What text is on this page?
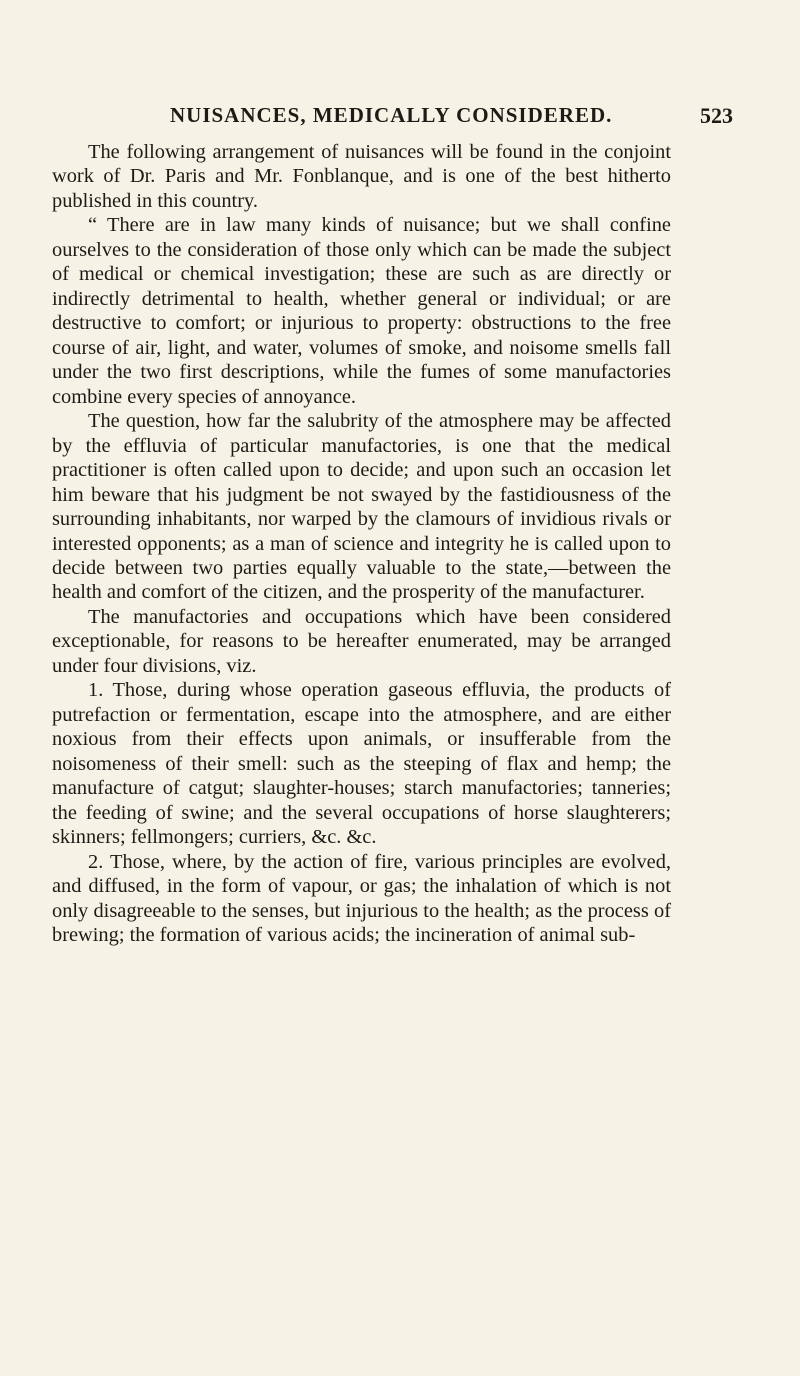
NUISANCES, MEDICALLY CONSIDERED.	523

The following arrangement of nuisances will be found in the conjoint work of Dr. Paris and Mr. Fonblanque, and is one of the best hitherto published in this country.

“ There are in law many kinds of nuisance; but we shall confine ourselves to the consideration of those only which can be made the subject of medical or chemical investigation; these are such as are directly or indirectly detrimental to health, whether general or individual; or are destructive to comfort; or injurious to property: obstructions to the free course of air, light, and water, volumes of smoke, and noisome smells fall under the two first descriptions, while the fumes of some manufactories combine every species of annoyance.

The question, how far the salubrity of the atmosphere may be affected by the effluvia of particular manufactories, is one that the medical practitioner is often called upon to decide; and upon such an occasion let him beware that his judgment be not swayed by the fastidiousness of the surrounding inhabitants, nor warped by the clamours of invidious rivals or interested opponents; as a man of science and integrity he is called upon to decide between two parties equally valuable to the state,—between the health and comfort of the citizen, and the prosperity of the manufacturer.

The manufactories and occupations which have been considered exceptionable, for reasons to be hereafter enumerated, may be arranged under four divisions, viz.

1. Those, during whose operation gaseous effluvia, the products of putrefaction or fermentation, escape into the atmosphere, and are either noxious from their effects upon animals, or insufferable from the noisomeness of their smell: such as the steeping of flax and hemp; the manufacture of catgut; slaughter-houses; starch manufactories; tanneries; the feeding of swine; and the several occupations of horse slaughterers; skinners; fellmongers; curriers, &c. &c.

2. Those, where, by the action of fire, various principles are evolved, and diffused, in the form of vapour, or gas; the inhalation of which is not only disagreeable to the senses, but injurious to the health; as the process of brewing; the formation of various acids; the incineration of animal sub-
